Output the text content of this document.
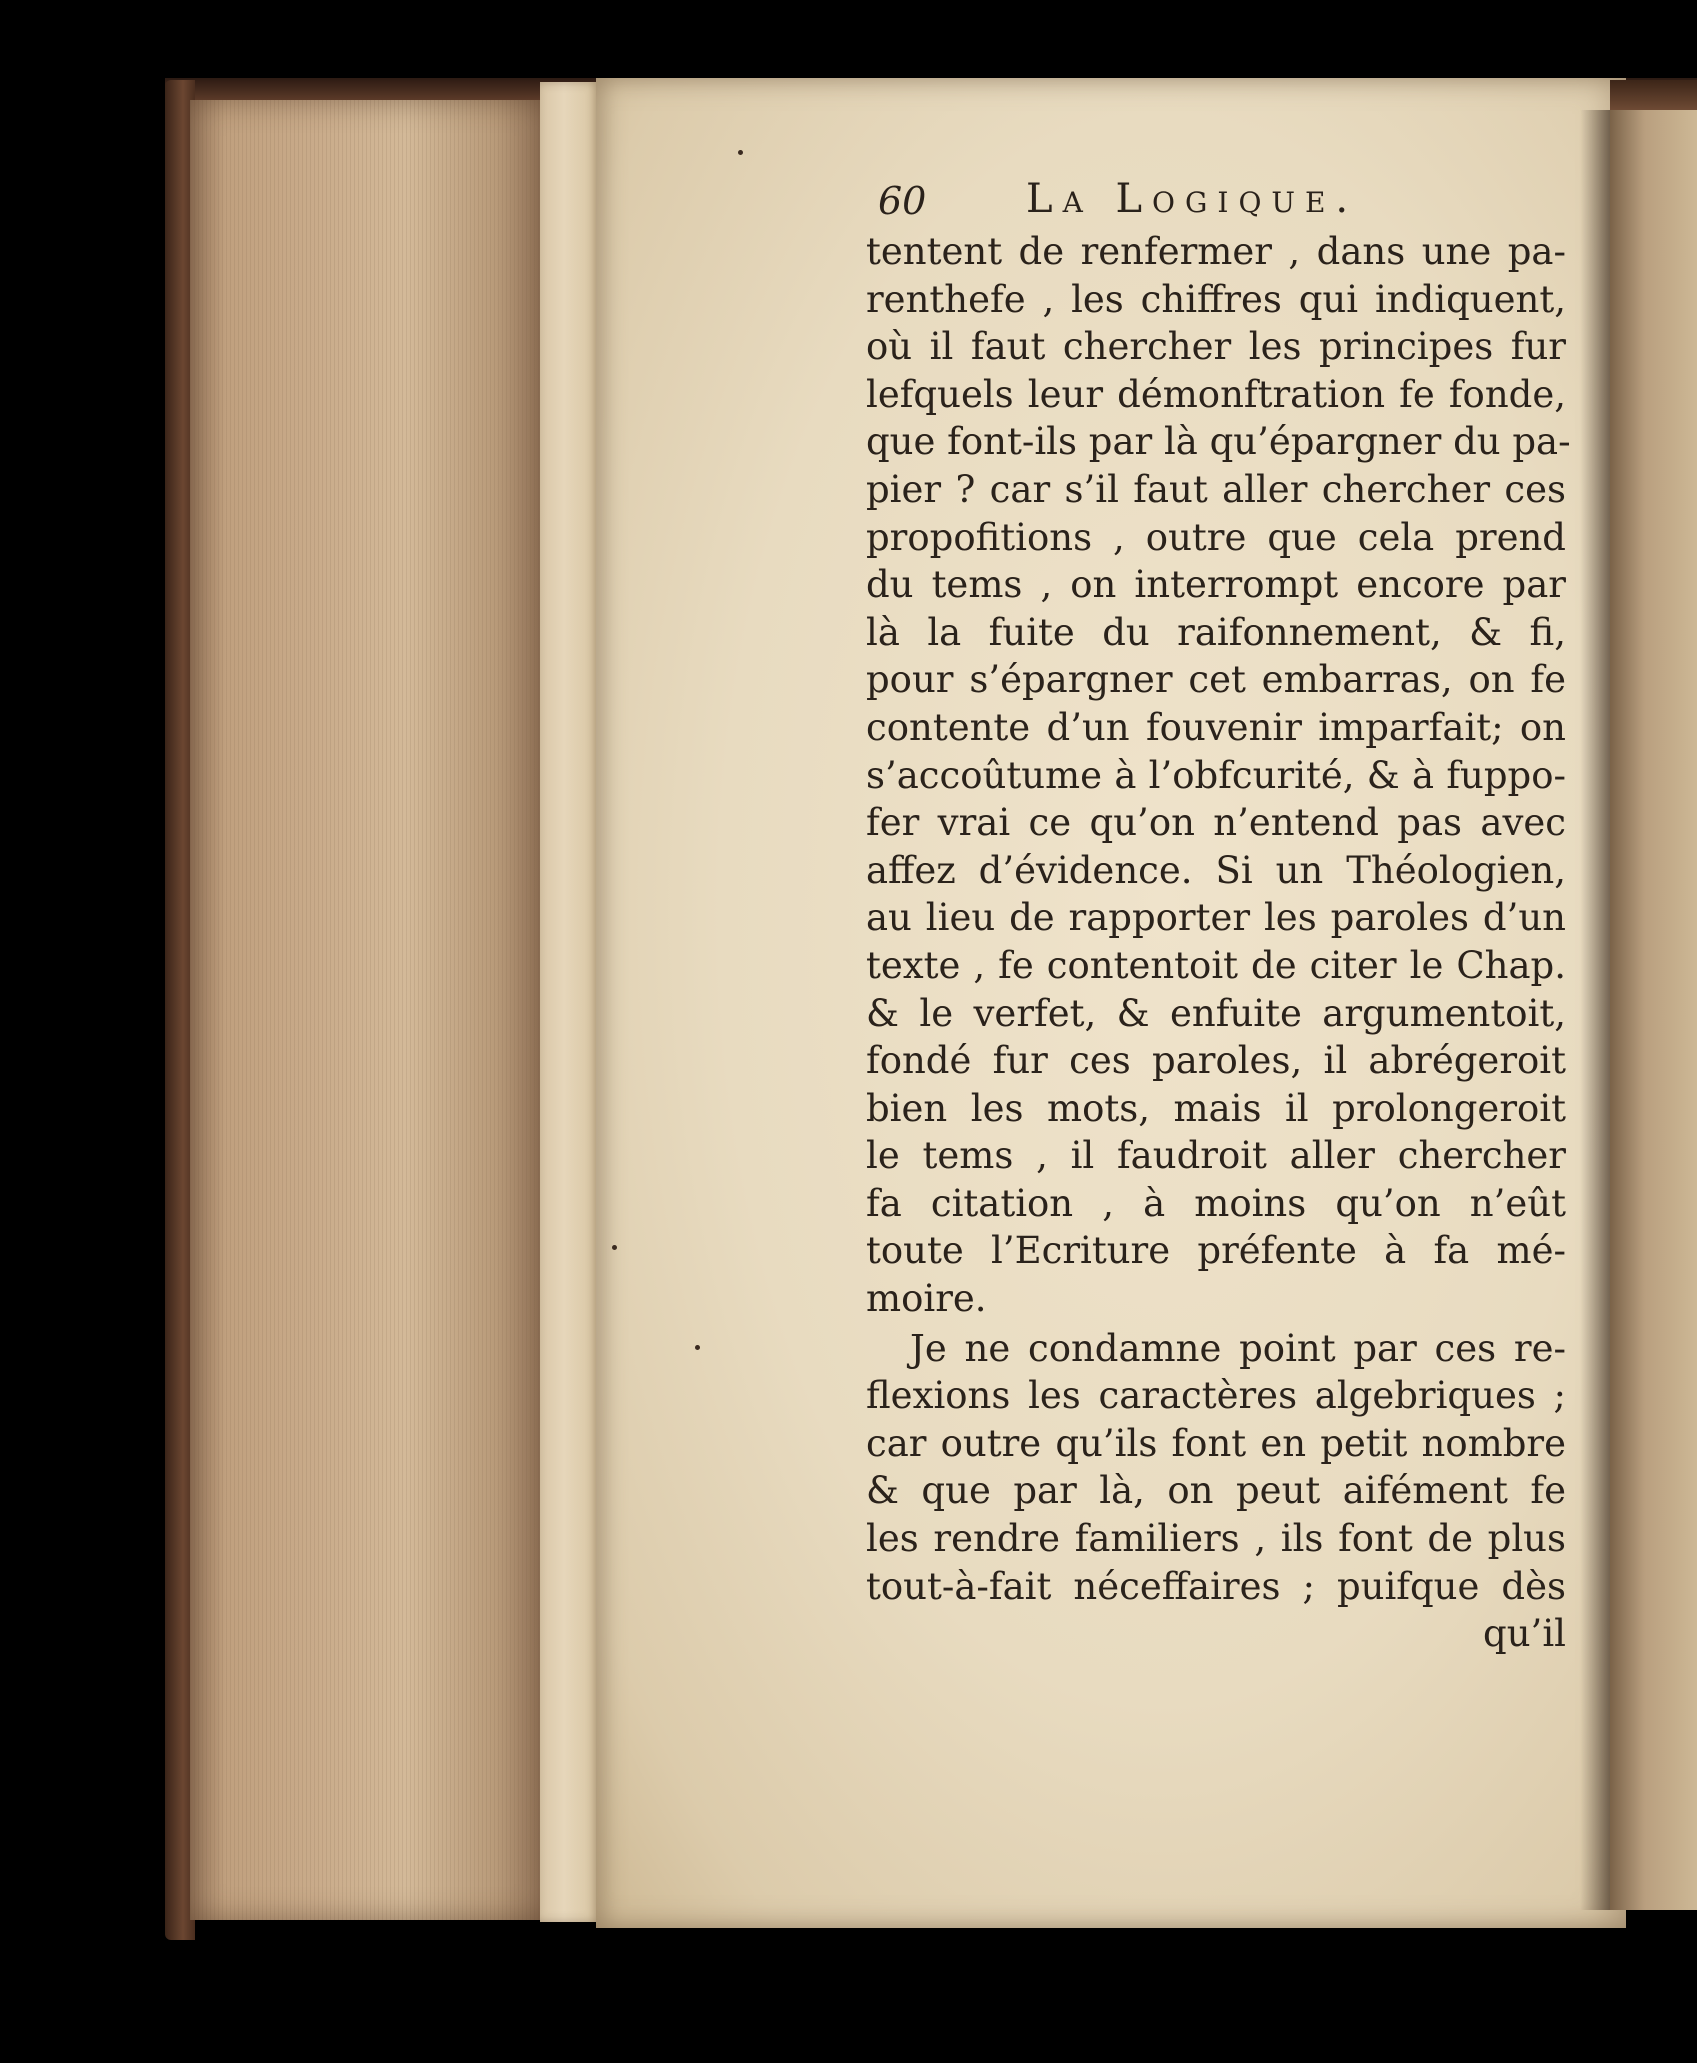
60 La Logique.
tentent de renfermer , dans une pa-
renthefe , les chiffres qui indiquent,
où il faut chercher les principes fur
lefquels leur démonftration fe fonde,
que font-ils par là qu’épargner du pa-
pier ? car s’il faut aller chercher ces
propofitions , outre que cela prend
du tems , on interrompt encore par
là la fuite du raifonnement, & fi,
pour s’épargner cet embarras, on fe
contente d’un fouvenir imparfait; on
s’accoûtume à l’obfcurité, & à fuppo-
fer vrai ce qu’on n’entend pas avec
affez d’évidence. Si un Théologien,
au lieu de rapporter les paroles d’un
texte , fe contentoit de citer le Chap.
& le verfet, & enfuite argumentoit,
fondé fur ces paroles, il abrégeroit
bien les mots, mais il prolongeroit
le tems , il faudroit aller chercher
fa citation , à moins qu’on n’eût
toute l’Ecriture préfente à fa mé-
moire.
Je ne condamne point par ces re-
flexions les caractères algebriques ;
car outre qu’ils font en petit nombre
& que par là, on peut aifément fe
les rendre familiers , ils font de plus
tout-à-fait néceffaires ; puifque dès
qu’il
